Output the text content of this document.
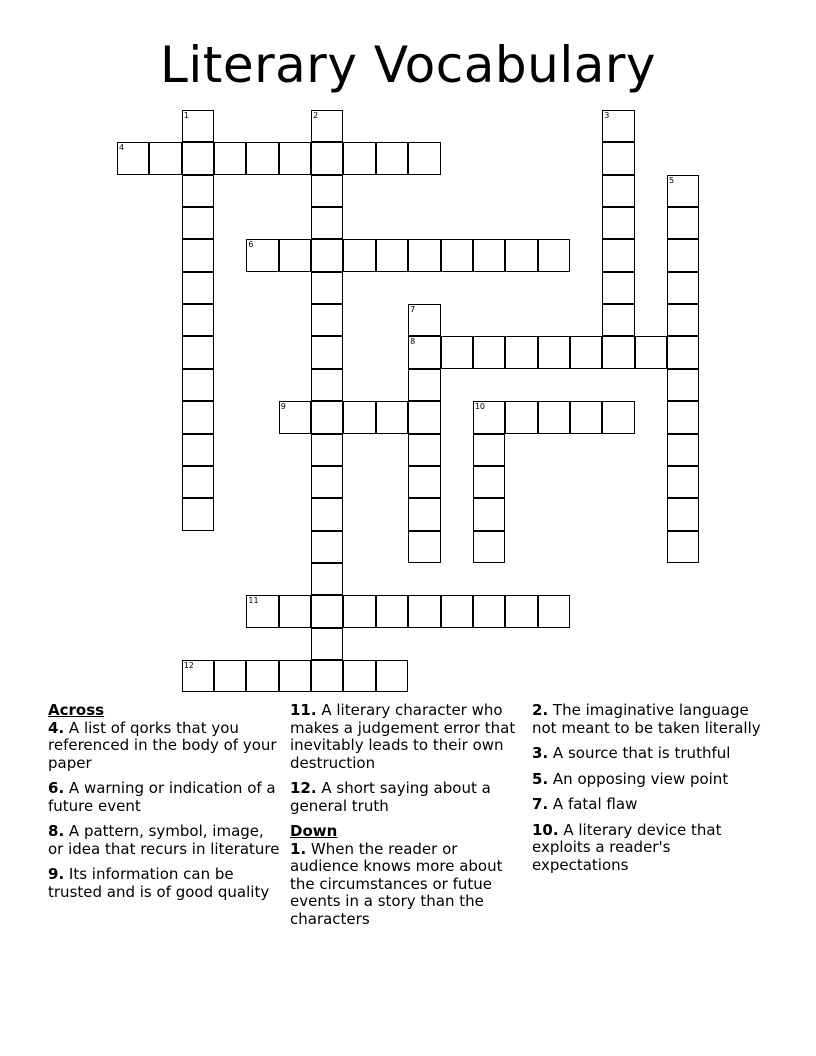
Literary Vocabulary
1	2	3
4
5
6
7
8
9	10
11
12
Across
4. A list of qorks that you referenced in the body of your paper
6. A warning or indication of a future event
8. A pattern, symbol, image, or idea that recurs in literature
9. Its information can be trusted and is of good quality
11. A literary character who makes a judgement error that inevitably leads to their own destruction
12. A short saying about a general truth
Down
1. When the reader or audience knows more about the circumstances or futue events in a story than the characters
2. The imaginative language not meant to be taken literally
3. A source that is truthful
5. An opposing view point
7. A fatal flaw
10. A literary device that exploits a reader's expectations
